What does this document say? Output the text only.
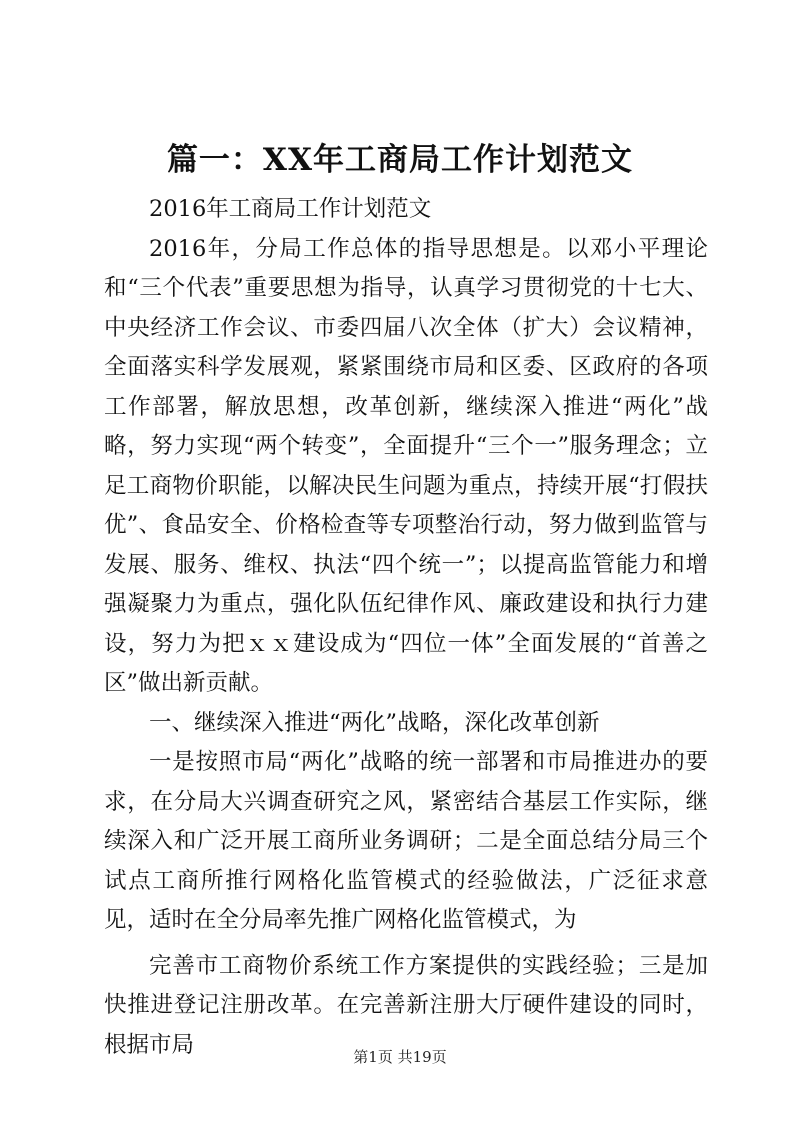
篇一：XX年工商局工作计划范文

2016年工商局工作计划范文

2016年，分局工作总体的指导思想是。以邓小平理论和“三个代表”重要思想为指导，认真学习贯彻党的十七大、中央经济工作会议、市委四届八次全体（扩大）会议精神，全面落实科学发展观，紧紧围绕市局和区委、区政府的各项工作部署，解放思想，改革创新，继续深入推进“两化”战略，努力实现“两个转变”，全面提升“三个一”服务理念；立足工商物价职能，以解决民生问题为重点，持续开展“打假扶优”、食品安全、价格检查等专项整治行动，努力做到监管与发展、服务、维权、执法“四个统一”；以提高监管能力和增强凝聚力为重点，强化队伍纪律作风、廉政建设和执行力建设，努力为把ｘｘ建设成为“四位一体”全面发展的“首善之区”做出新贡献。

一、继续深入推进“两化”战略，深化改革创新

一是按照市局“两化”战略的统一部署和市局推进办的要求，在分局大兴调查研究之风，紧密结合基层工作实际，继续深入和广泛开展工商所业务调研；二是全面总结分局三个试点工商所推行网格化监管模式的经验做法，广泛征求意见，适时在全分局率先推广网格化监管模式，为

完善市工商物价系统工作方案提供的实践经验；三是加快推进登记注册改革。在完善新注册大厅硬件建设的同时，根据市局	第1页 共19页
